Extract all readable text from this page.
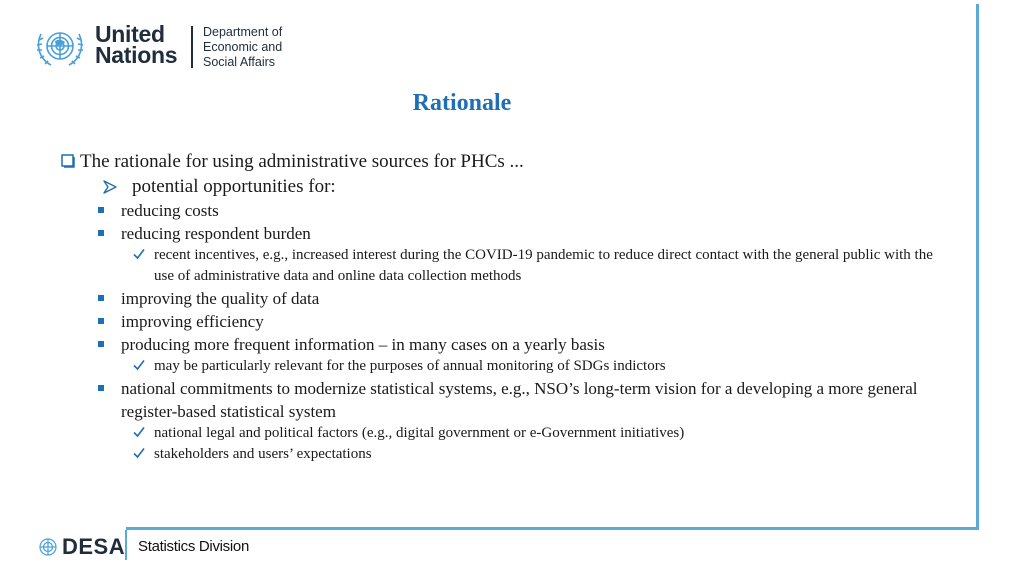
United
Nations
Department of
Economic and
Social Affairs
Rationale
The rationale for using administrative sources for PHCs ...
potential opportunities for:
reducing costs
reducing respondent burden
recent incentives, e.g., increased interest during the COVID-19 pandemic to reduce direct contact with the general public with the use of administrative data and online data collection methods
improving the quality of data
improving efficiency
producing more frequent information – in many cases on a yearly basis
may be particularly relevant for the purposes of annual monitoring of SDGs indictors
national commitments to modernize statistical systems, e.g., NSO’s long-term vision for a developing a more general register-based statistical system
national legal and political factors (e.g., digital government or e-Government initiatives)
stakeholders and users’ expectations
DESA Statistics Division
